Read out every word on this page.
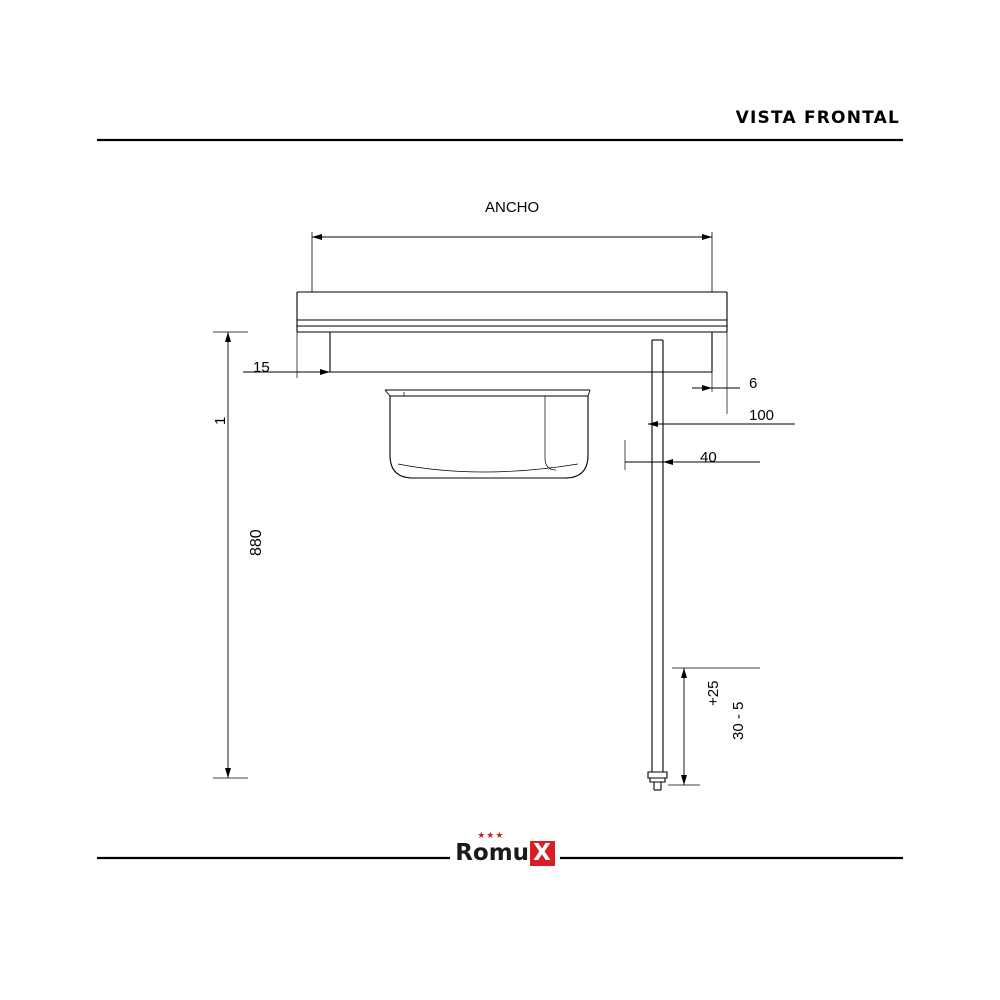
VISTA FRONTAL
ANCHO
15
6
100
40
1
880
+25
30 - 5
★★★
Romu X
